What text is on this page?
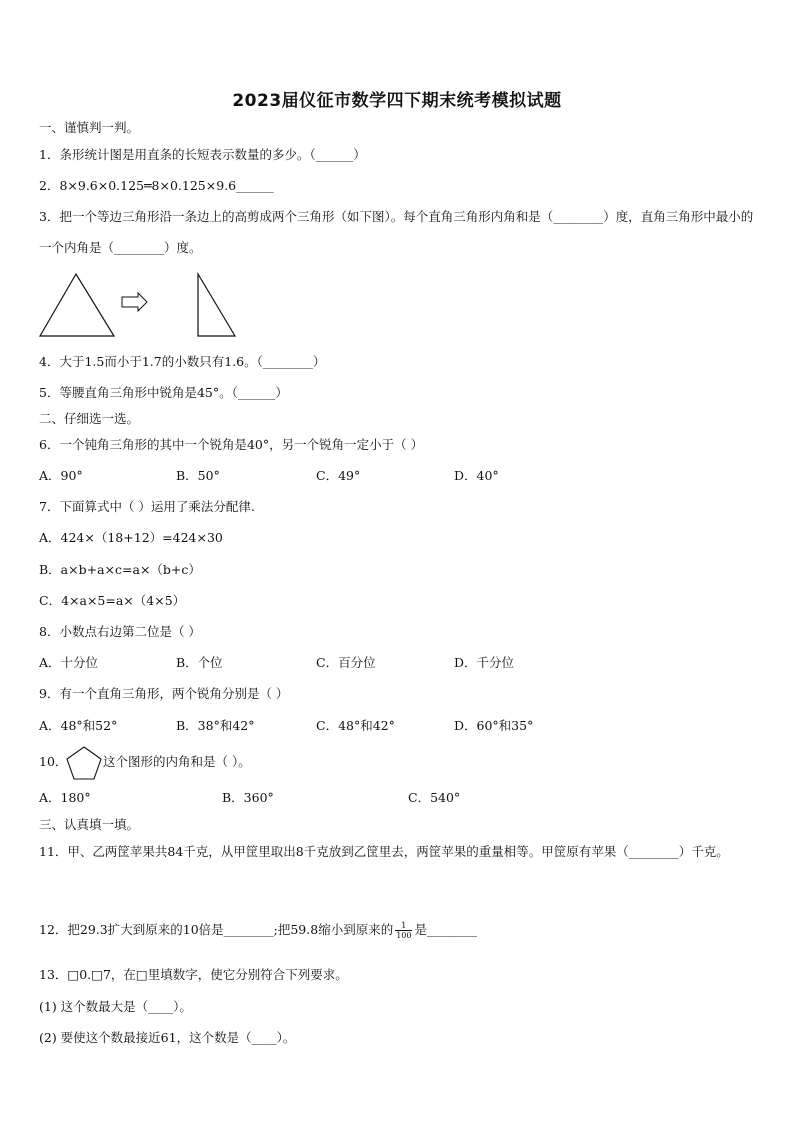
2023届仪征市数学四下期末统考模拟试题
一、谨慎判一判。
1．条形统计图是用直条的长短表示数量的多少。（______）
2．8×9.6×0.125═8×0.125×9.6______
3．把一个等边三角形沿一条边上的高剪成两个三角形（如下图）。每个直角三角形内角和是（________）度，直角三角形中最小的一个内角是（________）度。
4．大于1.5而小于1.7的小数只有1.6。（________）
5．等腰直角三角形中锐角是45°。（______）
二、仔细选一选。
6．一个钝角三角形的其中一个锐角是40°，另一个锐角一定小于（ ）
A．90°	B．50°	C．49°	D．40°
7．下面算式中（ ）运用了乘法分配律.
A．424×（18+12）=424×30
B．a×b+a×c=a×（b+c）
C．4×a×5=a×（4×5）
8．小数点右边第二位是（ ）
A．十分位	B．个位	C．百分位	D．千分位
9．有一个直角三角形，两个锐角分别是（ ）
A．48°和52°	B．38°和42°	C．48°和42°	D．60°和35°
10．	这个图形的内角和是（ ）。
A．180°	B．360°	C．540°
三、认真填一填。
11．甲、乙两筐苹果共84千克，从甲筐里取出8千克放到乙筐里去，两筐苹果的重量相等。甲筐原有苹果（________）千克。
12．把29.3扩大到原来的10倍是________;把59.8缩小到原来的 $\frac{1}{100}$ 是________
13．□0.□7，在□里填数字，使它分别符合下列要求。
(1) 这个数最大是（____）。
(2) 要使这个数最接近61，这个数是（____）。
